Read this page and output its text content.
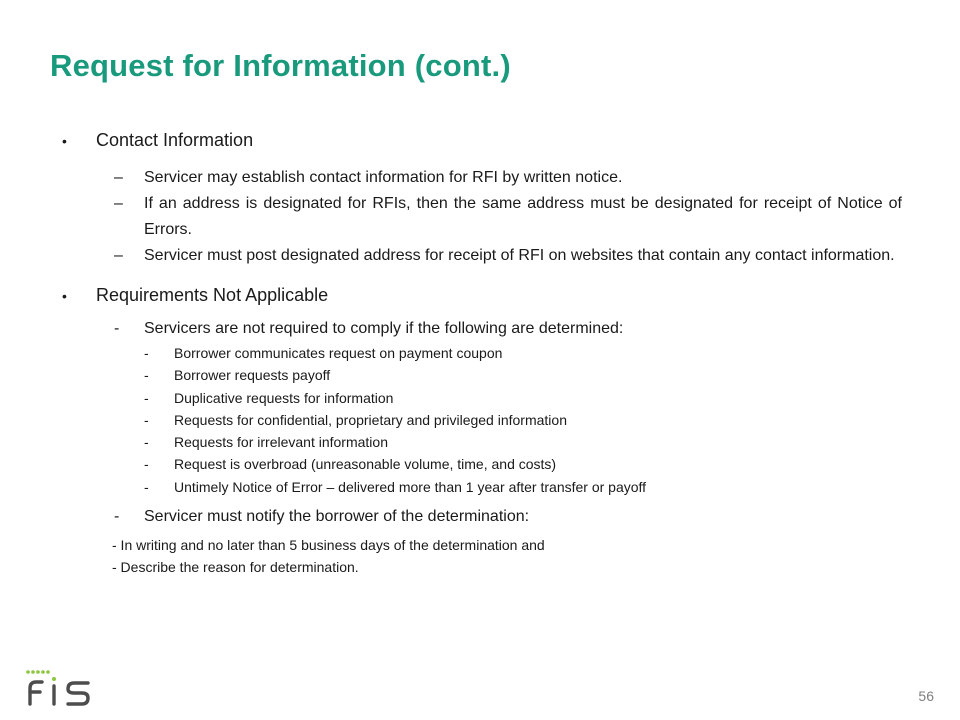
Request for Information (cont.)
•	Contact Information
–	Servicer may establish contact information for RFI by written notice.
–	If an address is designated for RFIs, then the same address must be designated for receipt of Notice of Errors.
–	Servicer must post designated address for receipt of RFI on websites that contain any contact information.
•	Requirements Not Applicable
-	Servicers are not required to comply if the following are determined:
-	Borrower communicates request on payment coupon
-	Borrower requests payoff
-	Duplicative requests for information
-	Requests for confidential, proprietary and privileged information
-	Requests for irrelevant information
-	Request is overbroad (unreasonable volume, time, and costs)
-	Untimely Notice of Error – delivered more than 1 year after transfer or payoff
-	Servicer must notify the borrower of the determination:
- In writing and no later than 5 business days of the determination and
- Describe the reason for determination.
56
